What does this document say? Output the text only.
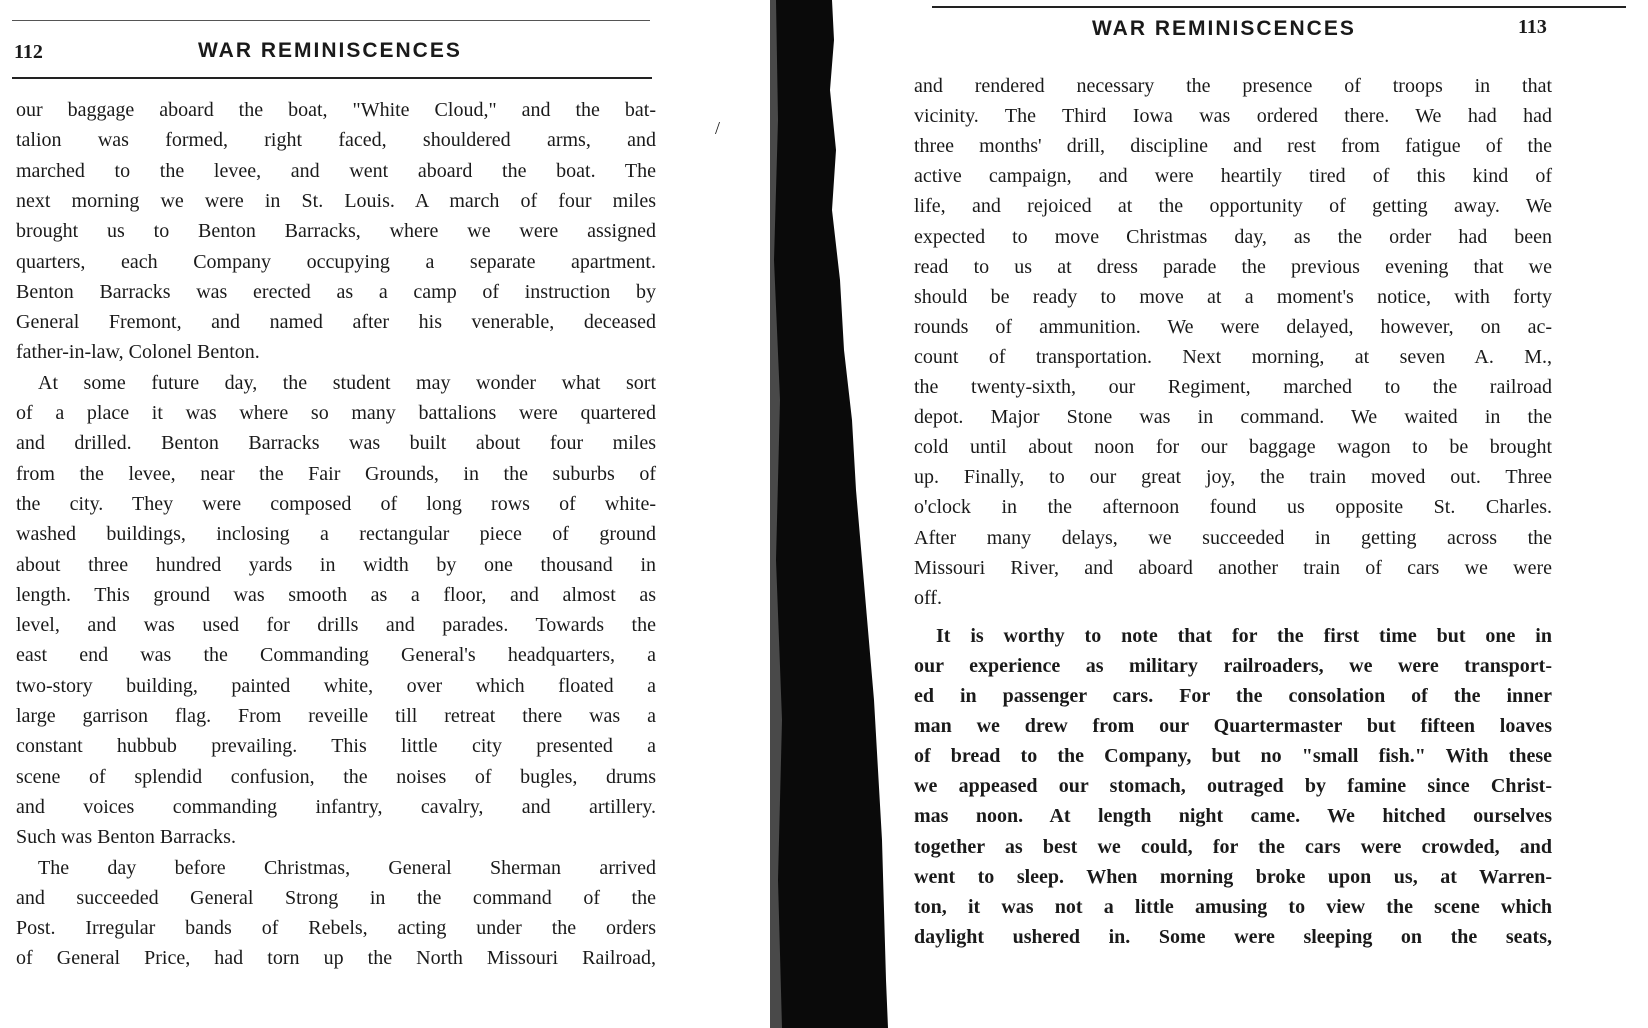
112	WAR REMINISCENCES
our baggage aboard the boat, "White Cloud," and the bat-
talion was formed, right faced, shouldered arms, and
marched to the levee, and went aboard the boat. The
next morning we were in St. Louis. A march of four miles
brought us to Benton Barracks, where we were assigned
quarters, each Company occupying a separate apartment.
Benton Barracks was erected as a camp of instruction by
General Fremont, and named after his venerable, deceased
father-in-law, Colonel Benton.
At some future day, the student may wonder what sort
of a place it was where so many battalions were quartered
and drilled. Benton Barracks was built about four miles
from the levee, near the Fair Grounds, in the suburbs of
the city. They were composed of long rows of white-
washed buildings, inclosing a rectangular piece of ground
about three hundred yards in width by one thousand in
length. This ground was smooth as a floor, and almost as
level, and was used for drills and parades. Towards the
east end was the Commanding General's headquarters, a
two-story building, painted white, over which floated a
large garrison flag. From reveille till retreat there was a
constant hubbub prevailing. This little city presented a
scene of splendid confusion, the noises of bugles, drums
and voices commanding infantry, cavalry, and artillery.
Such was Benton Barracks.
The day before Christmas, General Sherman arrived
and succeeded General Strong in the command of the
Post. Irregular bands of Rebels, acting under the orders
of General Price, had torn up the North Missouri Railroad,
/
WAR REMINISCENCES	113
and rendered necessary the presence of troops in that
vicinity. The Third Iowa was ordered there. We had had
three months' drill, discipline and rest from fatigue of the
active campaign, and were heartily tired of this kind of
life, and rejoiced at the opportunity of getting away. We
expected to move Christmas day, as the order had been
read to us at dress parade the previous evening that we
should be ready to move at a moment's notice, with forty
rounds of ammunition. We were delayed, however, on ac-
count of transportation. Next morning, at seven A. M.,
the twenty-sixth, our Regiment, marched to the railroad
depot. Major Stone was in command. We waited in the
cold until about noon for our baggage wagon to be brought
up. Finally, to our great joy, the train moved out. Three
o'clock in the afternoon found us opposite St. Charles.
After many delays, we succeeded in getting across the
Missouri River, and aboard another train of cars we were
off.
It is worthy to note that for the first time but one in
our experience as military railroaders, we were transport-
ed in passenger cars. For the consolation of the inner
man we drew from our Quartermaster but fifteen loaves
of bread to the Company, but no "small fish." With these
we appeased our stomach, outraged by famine since Christ-
mas noon. At length night came. We hitched ourselves
together as best we could, for the cars were crowded, and
went to sleep. When morning broke upon us, at Warren-
ton, it was not a little amusing to view the scene which
daylight ushered in. Some were sleeping on the seats,
